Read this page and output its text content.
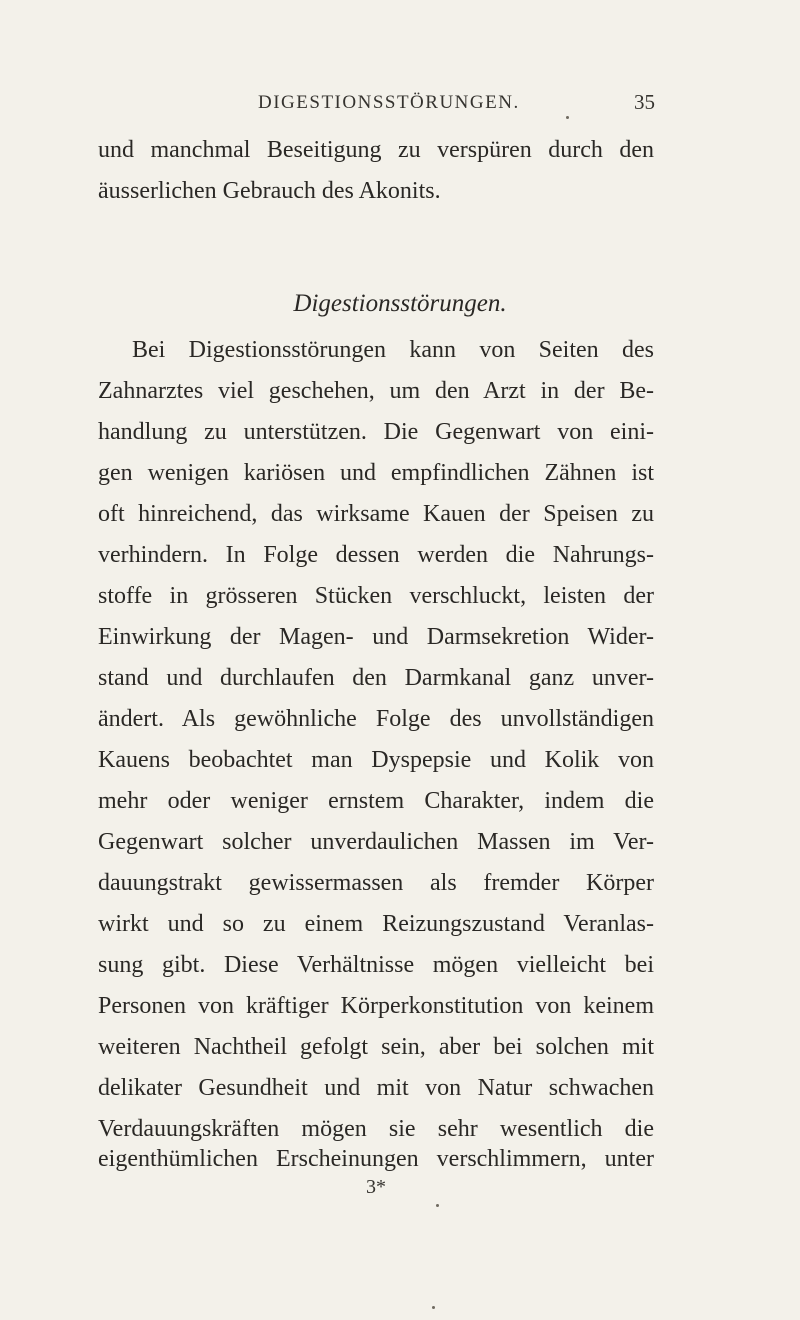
DIGESTIONSSTÖRUNGEN.	35
und manchmal Beseitigung zu verspüren durch den
äusserlichen Gebrauch des Akonits.
Digestionsstörungen.
Bei Digestionsstörungen kann von Seiten des
Zahnarztes viel geschehen, um den Arzt in der Be-
handlung zu unterstützen. Die Gegenwart von eini-
gen wenigen kariösen und empfindlichen Zähnen ist
oft hinreichend, das wirksame Kauen der Speisen zu
verhindern. In Folge dessen werden die Nahrungs-
stoffe in grösseren Stücken verschluckt, leisten der
Einwirkung der Magen- und Darmsekretion Wider-
stand und durchlaufen den Darmkanal ganz unver-
ändert. Als gewöhnliche Folge des unvollständigen
Kauens beobachtet man Dyspepsie und Kolik von
mehr oder weniger ernstem Charakter, indem die
Gegenwart solcher unverdaulichen Massen im Ver-
dauungstrakt gewissermassen als fremder Körper
wirkt und so zu einem Reizungszustand Veranlas-
sung gibt. Diese Verhältnisse mögen vielleicht bei
Personen von kräftiger Körperkonstitution von keinem
weiteren Nachtheil gefolgt sein, aber bei solchen mit
delikater Gesundheit und mit von Natur schwachen
Verdauungskräften mögen sie sehr wesentlich die
eigenthümlichen Erscheinungen verschlimmern, unter
3*
